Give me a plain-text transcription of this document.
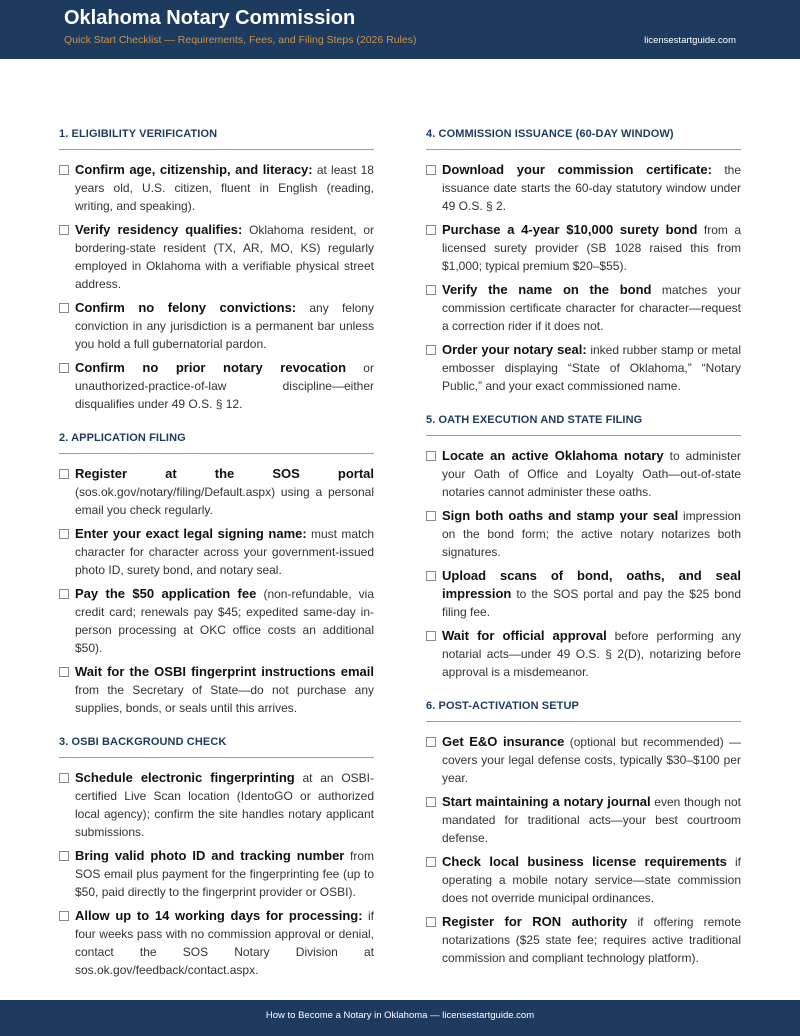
Oklahoma Notary Commission
Quick Start Checklist — Requirements, Fees, and Filing Steps (2026 Rules)	licensestartguide.com
1. ELIGIBILITY VERIFICATION
Confirm age, citizenship, and literacy: at least 18 years old, U.S. citizen, fluent in English (reading, writing, and speaking).
Verify residency qualifies: Oklahoma resident, or bordering-state resident (TX, AR, MO, KS) regularly employed in Oklahoma with a verifiable physical street address.
Confirm no felony convictions: any felony conviction in any jurisdiction is a permanent bar unless you hold a full gubernatorial pardon.
Confirm no prior notary revocation or unauthorized-practice-of-law discipline—either disqualifies under 49 O.S. § 12.
2. APPLICATION FILING
Register at the SOS portal (sos.ok.gov/notary/filing/Default.aspx) using a personal email you check regularly.
Enter your exact legal signing name: must match character for character across your government-issued photo ID, surety bond, and notary seal.
Pay the $50 application fee (non-refundable, via credit card; renewals pay $45; expedited same-day in-person processing at OKC office costs an additional $50).
Wait for the OSBI fingerprint instructions email from the Secretary of State—do not purchase any supplies, bonds, or seals until this arrives.
3. OSBI BACKGROUND CHECK
Schedule electronic fingerprinting at an OSBI-certified Live Scan location (IdentoGO or authorized local agency); confirm the site handles notary applicant submissions.
Bring valid photo ID and tracking number from SOS email plus payment for the fingerprinting fee (up to $50, paid directly to the fingerprint provider or OSBI).
Allow up to 14 working days for processing: if four weeks pass with no commission approval or denial, contact the SOS Notary Division at sos.ok.gov/feedback/contact.aspx.
4. COMMISSION ISSUANCE (60-DAY WINDOW)
Download your commission certificate: the issuance date starts the 60-day statutory window under 49 O.S. § 2.
Purchase a 4-year $10,000 surety bond from a licensed surety provider (SB 1028 raised this from $1,000; typical premium $20–$55).
Verify the name on the bond matches your commission certificate character for character—request a correction rider if it does not.
Order your notary seal: inked rubber stamp or metal embosser displaying “State of Oklahoma,” “Notary Public,” and your exact commissioned name.
5. OATH EXECUTION AND STATE FILING
Locate an active Oklahoma notary to administer your Oath of Office and Loyalty Oath—out-of-state notaries cannot administer these oaths.
Sign both oaths and stamp your seal impression on the bond form; the active notary notarizes both signatures.
Upload scans of bond, oaths, and seal impression to the SOS portal and pay the $25 bond filing fee.
Wait for official approval before performing any notarial acts—under 49 O.S. § 2(D), notarizing before approval is a misdemeanor.
6. POST-ACTIVATION SETUP
Get E&O insurance (optional but recommended) — covers your legal defense costs, typically $30–$100 per year.
Start maintaining a notary journal even though not mandated for traditional acts—your best courtroom defense.
Check local business license requirements if operating a mobile notary service—state commission does not override municipal ordinances.
Register for RON authority if offering remote notarizations ($25 state fee; requires active traditional commission and compliant technology platform).
How to Become a Notary in Oklahoma — licensestartguide.com
